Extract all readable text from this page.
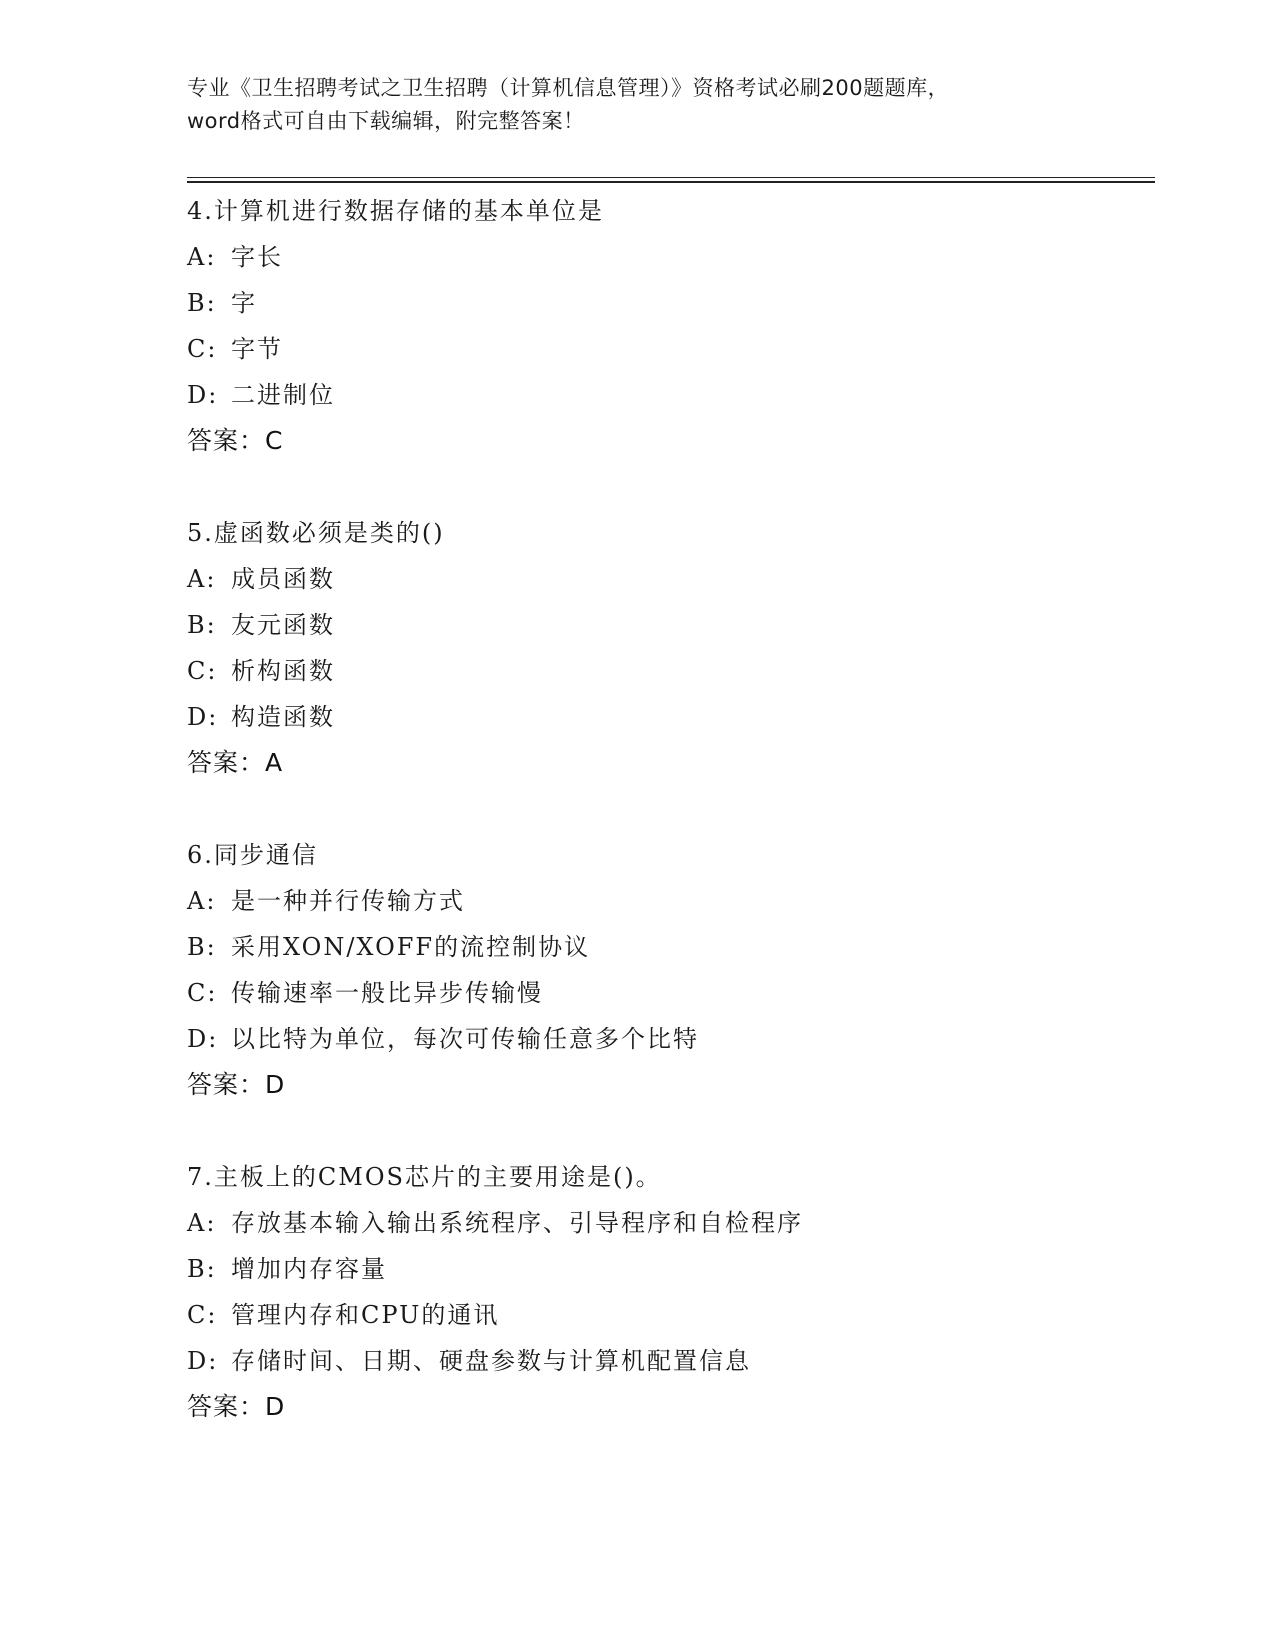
专业《卫生招聘考试之卫生招聘（计算机信息管理）》资格考试必刷200题题库，
word格式可自由下载编辑，附完整答案！
4.计算机进行数据存储的基本单位是
A: 字长
B: 字
C: 字节
D: 二进制位
答案：C
5.虚函数必须是类的()
A: 成员函数
B: 友元函数
C: 析构函数
D: 构造函数
答案：A
6.同步通信
A: 是一种并行传输方式
B: 采用XON/XOFF的流控制协议
C: 传输速率一般比异步传输慢
D: 以比特为单位，每次可传输任意多个比特
答案：D
7.主板上的CMOS芯片的主要用途是()。
A: 存放基本输入输出系统程序、引导程序和自检程序
B: 增加内存容量
C: 管理内存和CPU的通讯
D: 存储时间、日期、硬盘参数与计算机配置信息
答案：D
